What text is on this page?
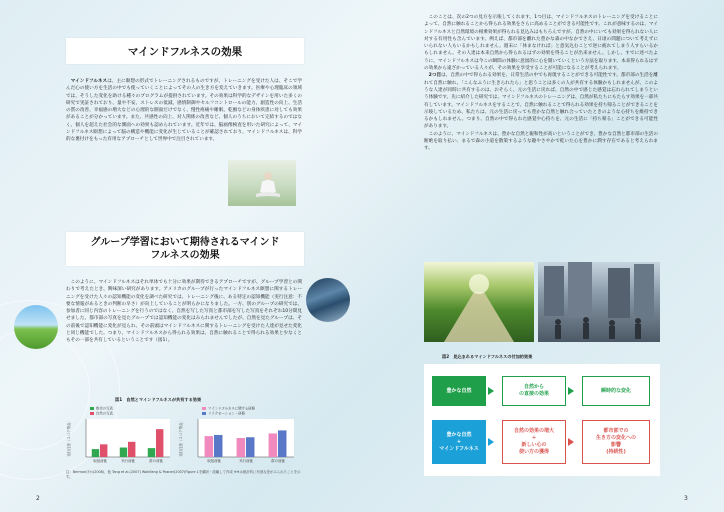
マインドフルネスの効果

マインドフルネスは、主に瞑想の形式でトレーニングされるものですが、トレーニングを受けた人は、そこで学んだ心の使い方を生活の中でも使っていくことによってその人の生き方を変えていきます。医療や心理臨床の領域では、そうした変化を助ける種々のプログラムが提供されています。その効果は科学的なデザインを用いた多くの研究で実証されており、量や不安、ストレスの低減、感情制御やセルフコントロールの能力、創造性の向上、生活の質の改善、幸福感の増大などの心理的な側面だけでなく、慢性疼痛や睡眠、乾癬などの身体疾患に対しても効果があることが分かっています。また、共感性の向上、対人関係の改善など、個人のうちにおいて完結するのではなく、個人を超えた社会的な側面への効果も認められています。近年では、脳画像検査を用いた研究によって、マインドフルネス瞑想によって脳の構造や機能に変化が生じていることが確認されており、マインドフルネスは、科学的な裏付けをもった有用なアプローチとして世界中で注目されています。

グループ学習において期待されるマインドフルネスの効果

このように、マインドフルネスはそれ単体でも十分に効果が期待できるアプローチですが、グループ学習との関わりで考えたとき、興味深い研究があります。アメリカのグループが行ったマインドフルネス瞑想に関するトレーニングを受けた人々の認知機能の変化を調べた研究では、トレーニング後に、ある特定の認知機能（実行注意：不要な情報があるときの判断の早さ）が向上していることが明らかになりました。一方、別のグループの研究では、参加者に同じ内容のトレーニングを行うのではなく、自然を写した写真と都市部を写した写真をそれぞれ10分間見せました。都市部の写真を見たグループでは認知機能の変化はみられませんでしたが、自然を見たグループは、その前後で認知機能に変化が見られ、その前頭はマインドフルネスに関するトレーニングを受けた人達が見せた変化と同じ機能でした。つまり、マインドフルネスから得られる効果は、自然に触れることで得られる効果と少なくともその一部を共有しているということです（図1）。

図1　自然とマインドフルネスが共有する効果
実行注意（スコア得点）
都市の写真
自然の写真
取組前後	実行前後	群の前後
実行注意（スコア得点）
マインドフルネスに関する研修
リラクゼーション・研修
取組前後	実行前後	群の前後
注：Bermanほか(2008)、他 Tang et al.(2007) Wohlfang & Posner(2007)Figure 1を翻訳・改編して作成 ※※は統計的に有意な差がみられたことを示す。
2

このことは、次の2つの見方を示唆してくれます。1つ目は、マインドフルネスのトレーニングを受けることによって、自然に触れることから得られる効果をさらに高めることができる可能性です。これが意味するのは、マインドフルネスと自然環境の相乗効果が得られる見込みはもちろんですが、自然の中にいても効果を得られない人に対する有用性も含んでいます。例えば、都市部を離れた豊かな森の中なかでさえ、日頃の問題について考えずにいられない人もいるかもしれません。週末に「休まなければ」と意気込むことで逆に疲れてしまう人すらいるかもしれません。その人達は本来自然から得られるはずの効果を得ることが出来ません。しかし、すでに述べたように、マインドフルネスは今この瞬間の体験に意図的に心を開いていくという方法を取ります。本来得られるはずの効果から遠ざかっている人々が、その効果を享受することが可能になることが考えられます。

2つ目は、自然の中で得られる効果を、日常生活の中でも再現することができる可能性です。都市部の生活を離れて自然に触れ、「こんなふうに生きられたら」と思うことは多くの人が共有する体験かもしれませんが、このような人達が同時に共有するのは、おそらく、元の生活に戻れば、自然の中で感じた感覚は忘れられてしまうという体験です。先に紹介した研究では、マインドフルネスのトレーニングは、自然が私たちにもたらす効果を一部共有しています。マインドフルネスをすることで、自然に触れることで得られる効果を持ち帰ることができることを示唆しているため、私たちは、元の生活に戻っても豊かな自然と触れ合っていたときのような心持ちを維持できるかもしれません。つまり、自然の中で得られた感覚や心持ちを、元の生活に「持ち帰る」ことができる可能性があります。

このように、マインドフルネスは、豊かな自然と親和性が高いということができ、豊かな自然と都市部の生活の断絶を取り払い、まるで森の小道を散策するような趣やさやかで乾いた心を豊かに潤す存在であると考えられます。

図2　見込まれるマインドフルネスの付加的効果
豊かな自然
自然から
の直接の効果
瞬時的な変化
豊かな自然
+
マインドフルネス
自然の効果の増大
+
新しい心の
使い方の獲得
都市部での
生き方の変化への
影響
(持続性)
3
